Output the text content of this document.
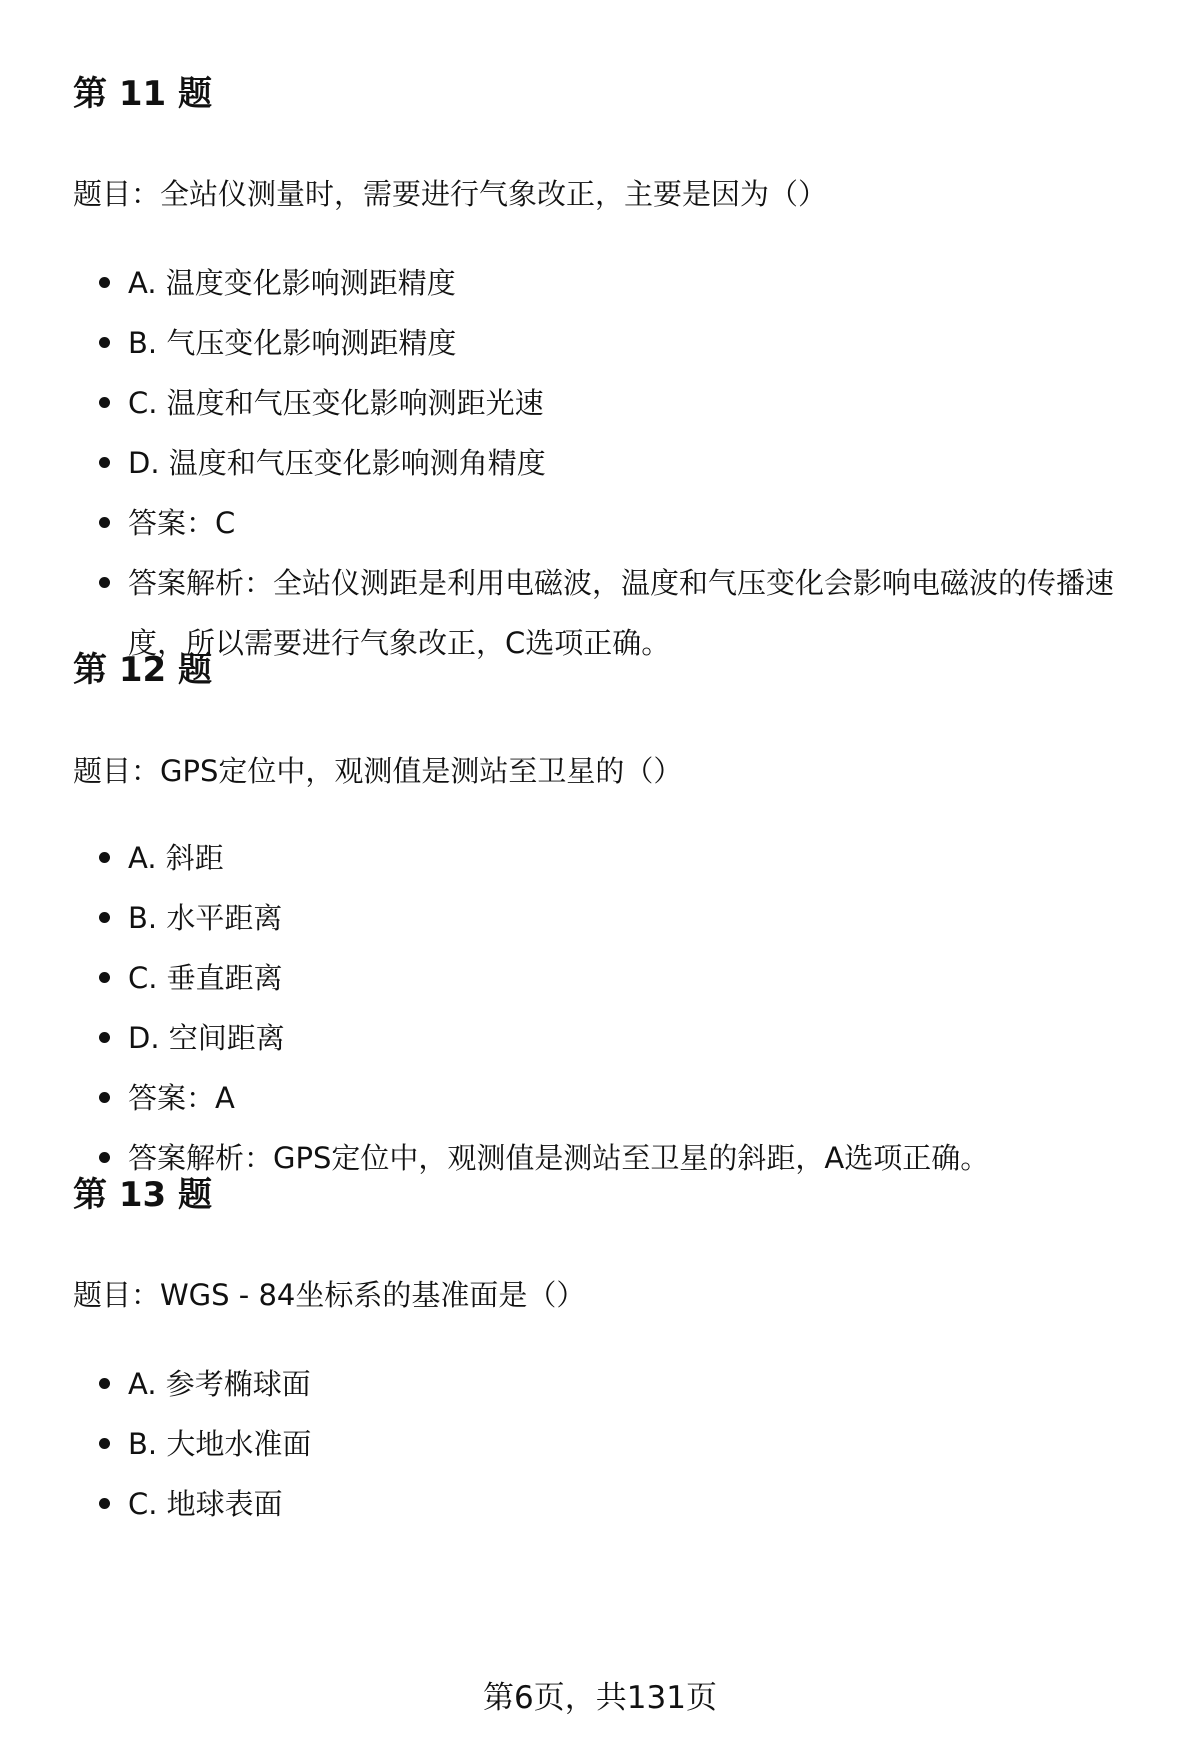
第 11 题

题目：全站仪测量时，需要进行气象改正，主要是因为（）

A. 温度变化影响测距精度
B. 气压变化影响测距精度
C. 温度和气压变化影响测距光速
D. 温度和气压变化影响测角精度
答案：C
答案解析：全站仪测距是利用电磁波，温度和气压变化会影响电磁波的传播速度，所以需要进行气象改正，C选项正确。
第 12 题

题目：GPS定位中，观测值是测站至卫星的（）

A. 斜距
B. 水平距离
C. 垂直距离
D. 空间距离
答案：A
答案解析：GPS定位中，观测值是测站至卫星的斜距，A选项正确。
第 13 题

题目：WGS - 84坐标系的基准面是（）

A. 参考椭球面
B. 大地水准面
C. 地球表面
第6页，共131页
